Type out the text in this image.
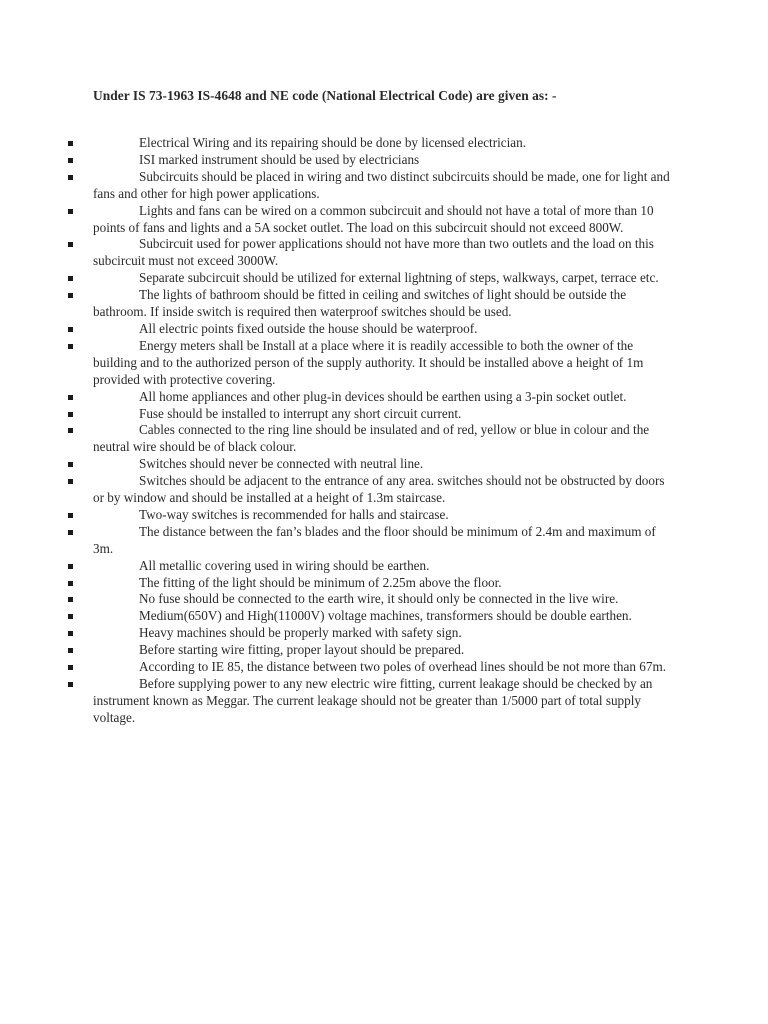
Under IS 73-1963 IS-4648 and NE code (National Electrical Code) are given as: -
Electrical Wiring and its repairing should be done by licensed electrician.
ISI marked instrument should be used by electricians
Subcircuits should be placed in wiring and two distinct subcircuits should be made, one for light and fans and other for high power applications.
Lights and fans can be wired on a common subcircuit and should not have a total of more than 10 points of fans and lights and a 5A socket outlet. The load on this subcircuit should not exceed 800W.
Subcircuit used for power applications should not have more than two outlets and the load on this subcircuit must not exceed 3000W.
Separate subcircuit should be utilized for external lightning of steps, walkways, carpet, terrace etc.
The lights of bathroom should be fitted in ceiling and switches of light should be outside the bathroom. If inside switch is required then waterproof switches should be used.
All electric points fixed outside the house should be waterproof.
Energy meters shall be Install at a place where it is readily accessible to both the owner of the building and to the authorized person of the supply authority. It should be installed above a height of 1m provided with protective covering.
All home appliances and other plug-in devices should be earthen using a 3-pin socket outlet.
Fuse should be installed to interrupt any short circuit current.
Cables connected to the ring line should be insulated and of red, yellow or blue in colour and the neutral wire should be of black colour.
Switches should never be connected with neutral line.
Switches should be adjacent to the entrance of any area. switches should not be obstructed by doors or by window and should be installed at a height of 1.3m staircase.
Two-way switches is recommended for halls and staircase.
The distance between the fan’s blades and the floor should be minimum of 2.4m and maximum of 3m.
All metallic covering used in wiring should be earthen.
The fitting of the light should be minimum of 2.25m above the floor.
No fuse should be connected to the earth wire, it should only be connected in the live wire.
Medium(650V) and High(11000V) voltage machines, transformers should be double earthen.
Heavy machines should be properly marked with safety sign.
Before starting wire fitting, proper layout should be prepared.
According to IE 85, the distance between two poles of overhead lines should be not more than 67m.
Before supplying power to any new electric wire fitting, current leakage should be checked by an instrument known as Meggar. The current leakage should not be greater than 1/5000 part of total supply voltage.
